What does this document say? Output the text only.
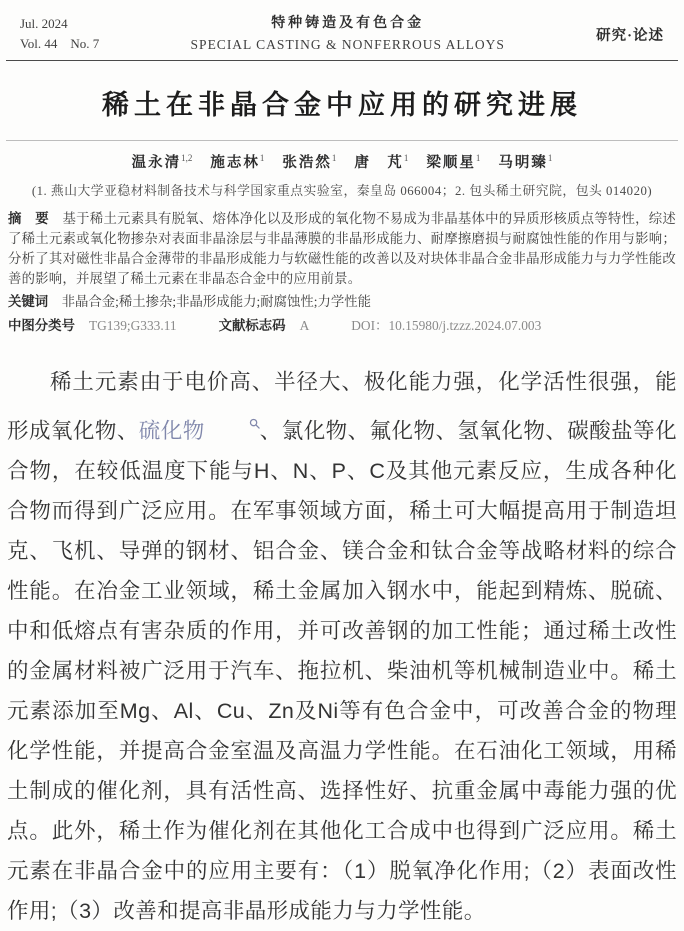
Jul. 2024
Vol. 44　No. 7
特种铸造及有色合金
SPECIAL CASTING & NONFERROUS ALLOYS
研究·论述
稀土在非晶合金中应用的研究进展
温永清$^{1,2}$ 施志林$^1$ 张浩然$^1$ 唐　芃$^1$ 梁顺星$^1$ 马明臻$^1$
(1. 燕山大学亚稳材料制备技术与科学国家重点实验室，秦皇岛 066004；2. 包头稀土研究院，包头 014020)
摘　要  基于稀土元素具有脱氧、熔体净化以及形成的氧化物不易成为非晶基体中的异质形核质点等特性，综述了稀土元素或氧化物掺杂对表面非晶涂层与非晶薄膜的非晶形成能力、耐摩擦磨损与耐腐蚀性能的作用与影响；分析了其对磁性非晶合金薄带的非晶形成能力与软磁性能的改善以及对块体非晶合金非晶形成能力与力学性能改善的影响，并展望了稀土元素在非晶态合金中的应用前景。
关键词  非晶合金;稀土掺杂;非晶形成能力;耐腐蚀性;力学性能
中图分类号 TG139;G333.11	文献标志码 A	DOI：10.15980/j.tzzz.2024.07.003

稀土元素由于电价高、半径大、极化能力强，化学活性很强，能形成氧化物、硫化物	、氯化物、氟化物、氢氧化物、碳酸盐等化合物，在较低温度下能与H、N、P、C及其他元素反应，生成各种化合物而得到广泛应用。在军事领域方面，稀土可大幅提高用于制造坦克、飞机、导弹的钢材、铝合金、镁合金和钛合金等战略材料的综合性能。在冶金工业领域，稀土金属加入钢水中，能起到精炼、脱硫、中和低熔点有害杂质的作用，并可改善钢的加工性能；通过稀土改性的金属材料被广泛用于汽车、拖拉机、柴油机等机械制造业中。稀土元素添加至Mg、Al、Cu、Zn及Ni等有色合金中，可改善合金的物理化学性能，并提高合金室温及高温力学性能。在石油化工领域，用稀土制成的催化剂，具有活性高、选择性好、抗重金属中毒能力强的优点。此外，稀土作为催化剂在其他化工合成中也得到广泛应用。稀土元素在非晶合金中的应用主要有：（1）脱氧净化作用;（2）表面改性作用;（3）改善和提高非晶形成能力与力学性能。
